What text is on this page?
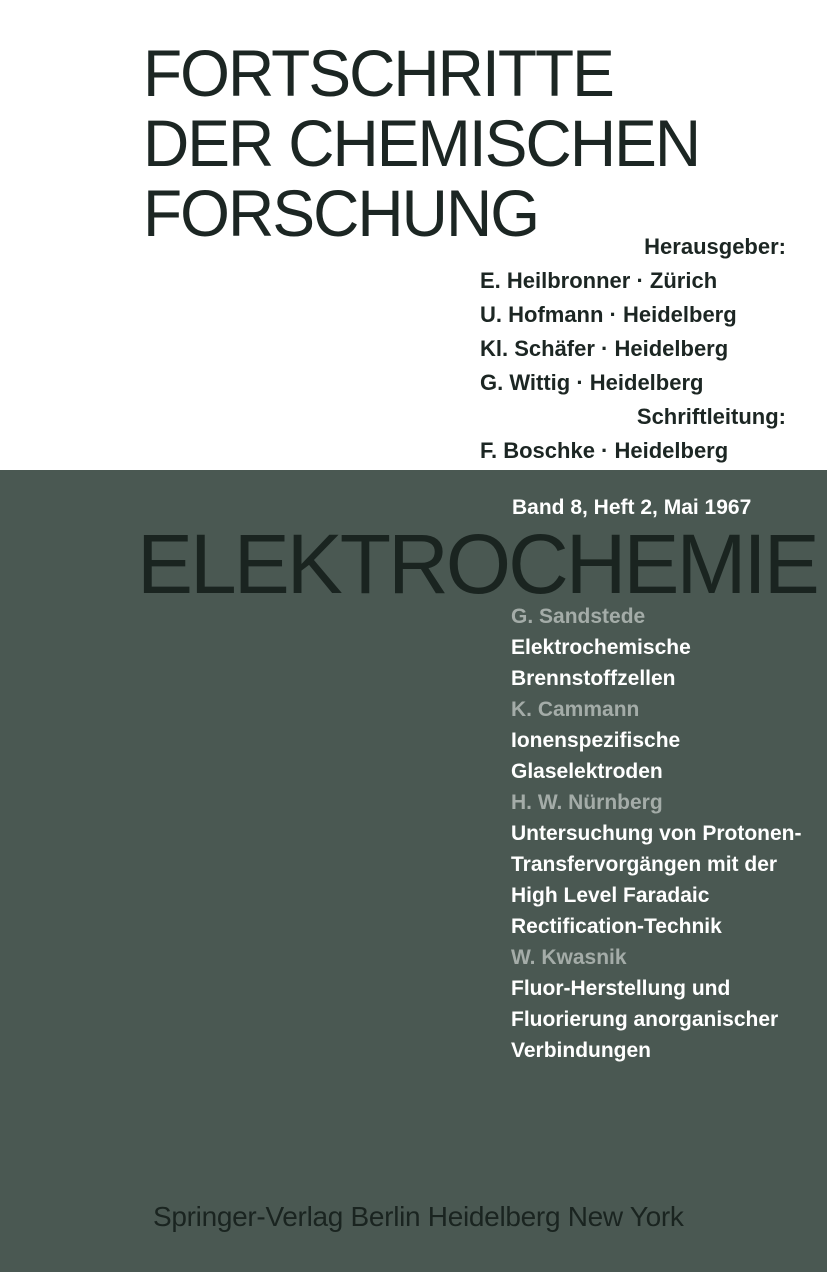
FORTSCHRITTE
DER CHEMISCHEN
FORSCHUNG	Herausgeber:
E. Heilbronner · Zürich
U. Hofmann · Heidelberg
Kl. Schäfer · Heidelberg
G. Wittig · Heidelberg
Schriftleitung:
F. Boschke · Heidelberg
Band 8, Heft 2, Mai 1967
ELEKTROCHEMIE
G. Sandstede
Elektrochemische
Brennstoffzellen
K. Cammann
Ionenspezifische
Glaselektroden
H. W. Nürnberg
Untersuchung von Protonen-
Transfervorgängen mit der
High Level Faradaic
Rectification-Technik
W. Kwasnik
Fluor-Herstellung und
Fluorierung anorganischer
Verbindungen
Springer-Verlag Berlin Heidelberg New York
